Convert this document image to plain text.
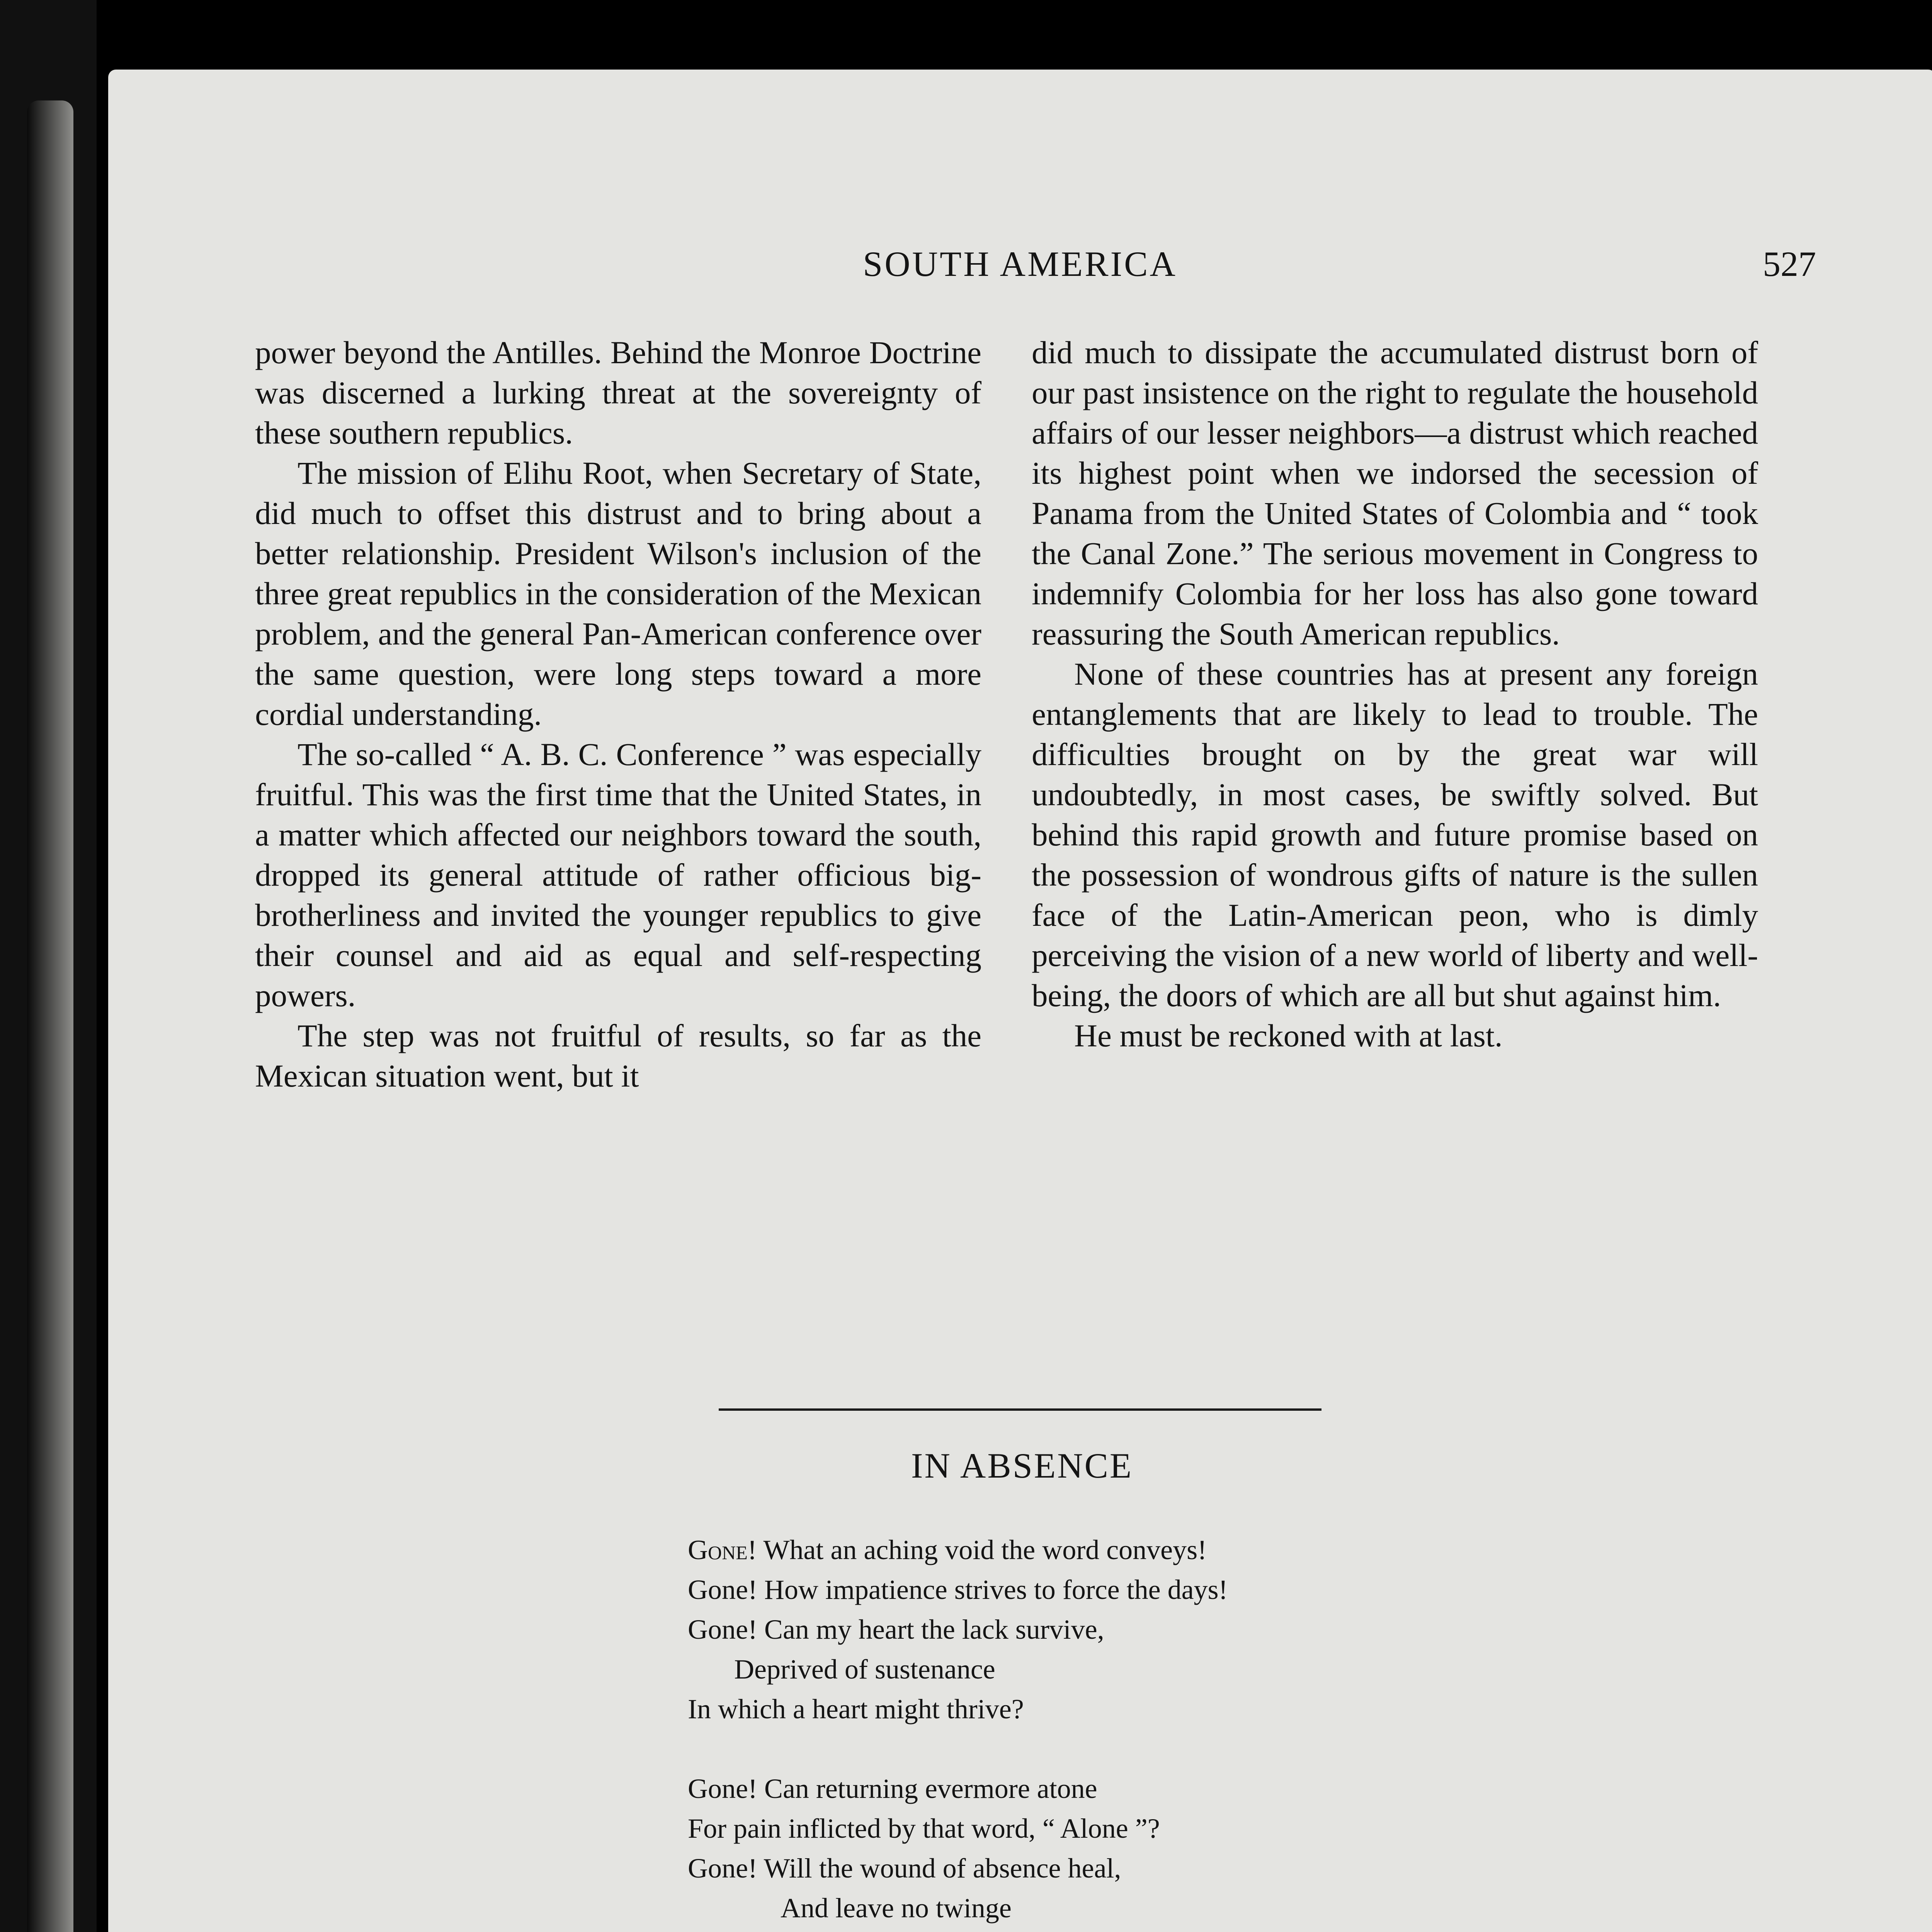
SOUTH AMERICA	527

power beyond the Antilles. Behind the Monroe Doctrine was discerned a lurking threat at the sovereignty of these southern republics.

The mission of Elihu Root, when Secretary of State, did much to offset this distrust and to bring about a better relationship. President Wilson's inclusion of the three great republics in the consideration of the Mexican problem, and the general Pan-American conference over the same question, were long steps toward a more cordial understanding.

The so-called “ A. B. C. Conference ” was especially fruitful. This was the first time that the United States, in a matter which affected our neighbors toward the south, dropped its general attitude of rather officious big-brotherliness and invited the younger republics to give their counsel and aid as equal and self-respecting powers.

The step was not fruitful of results, so far as the Mexican situation went, but it

did much to dissipate the accumulated distrust born of our past insistence on the right to regulate the household affairs of our lesser neighbors—a distrust which reached its highest point when we indorsed the secession of Panama from the United States of Colombia and “ took the Canal Zone.” The serious movement in Congress to indemnify Colombia for her loss has also gone toward reassuring the South American republics.

None of these countries has at present any foreign entanglements that are likely to lead to trouble. The difficulties brought on by the great war will undoubtedly, in most cases, be swiftly solved. But behind this rapid growth and future promise based on the possession of wondrous gifts of nature is the sullen face of the Latin-American peon, who is dimly perceiving the vision of a new world of liberty and well-being, the doors of which are all but shut against him.

He must be reckoned with at last.

IN ABSENCE
Gone! What an aching void the word conveys!
Gone! How impatience strives to force the days!
Gone! Can my heart the lack survive,
Deprived of sustenance
In which a heart might thrive?
Gone! Can returning evermore atone
For pain inflicted by that word, “ Alone ”?
Gone! Will the wound of absence heal,
And leave no twinge
